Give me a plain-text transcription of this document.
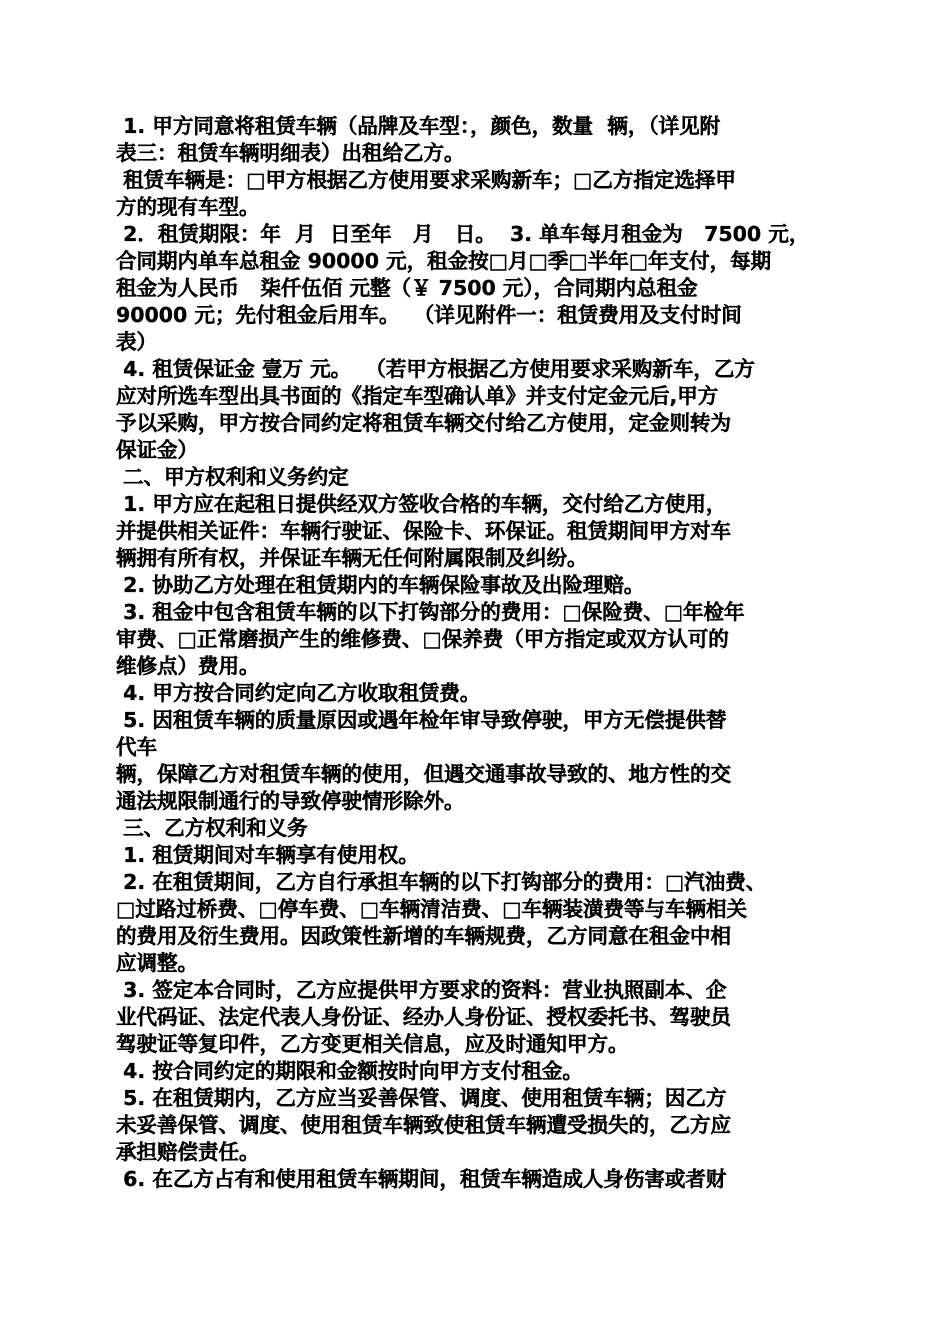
1. 甲方同意将租赁车辆（品牌及车型：，颜色，数量  辆，（详见附
表三：租赁车辆明细表）出租给乙方。
租赁车辆是：□甲方根据乙方使用要求采购新车；□乙方指定选择甲
方的现有车型。
2．租赁期限：年  月  日至年   月   日。  3. 单车每月租金为   7500 元，
合同期内单车总租金 90000 元，租金按□月□季□半年□年支付，每期
租金为人民币   柒仟伍佰 元整（￥ 7500 元），合同期内总租金
90000 元；先付租金后用车。  （详见附件一：租赁费用及支付时间
表）
4. 租赁保证金 壹万 元。  （若甲方根据乙方使用要求采购新车，乙方
应对所选车型出具书面的《指定车型确认单》并支付定金元后,甲方
予以采购，甲方按合同约定将租赁车辆交付给乙方使用，定金则转为
保证金）
二、甲方权利和义务约定
1. 甲方应在起租日提供经双方签收合格的车辆，交付给乙方使用，
并提供相关证件：车辆行驶证、保险卡、环保证。租赁期间甲方对车
辆拥有所有权，并保证车辆无任何附属限制及纠纷。
2. 协助乙方处理在租赁期内的车辆保险事故及出险理赔。
3. 租金中包含租赁车辆的以下打钩部分的费用：□保险费、□年检年
审费、□正常磨损产生的维修费、□保养费（甲方指定或双方认可的
维修点）费用。
4. 甲方按合同约定向乙方收取租赁费。
5. 因租赁车辆的质量原因或遇年检年审导致停驶，甲方无偿提供替
代车
辆，保障乙方对租赁车辆的使用，但遇交通事故导致的、地方性的交
通法规限制通行的导致停驶情形除外。
三、乙方权利和义务
1. 租赁期间对车辆享有使用权。
2. 在租赁期间，乙方自行承担车辆的以下打钩部分的费用：□汽油费、
□过路过桥费、□停车费、□车辆清洁费、□车辆装潢费等与车辆相关
的费用及衍生费用。因政策性新增的车辆规费，乙方同意在租金中相
应调整。
3. 签定本合同时，乙方应提供甲方要求的资料：营业执照副本、企
业代码证、法定代表人身份证、经办人身份证、授权委托书、驾驶员
驾驶证等复印件，乙方变更相关信息，应及时通知甲方。
4. 按合同约定的期限和金额按时向甲方支付租金。
5. 在租赁期内，乙方应当妥善保管、调度、使用租赁车辆；因乙方
未妥善保管、调度、使用租赁车辆致使租赁车辆遭受损失的，乙方应
承担赔偿责任。
6. 在乙方占有和使用租赁车辆期间，租赁车辆造成人身伤害或者财
